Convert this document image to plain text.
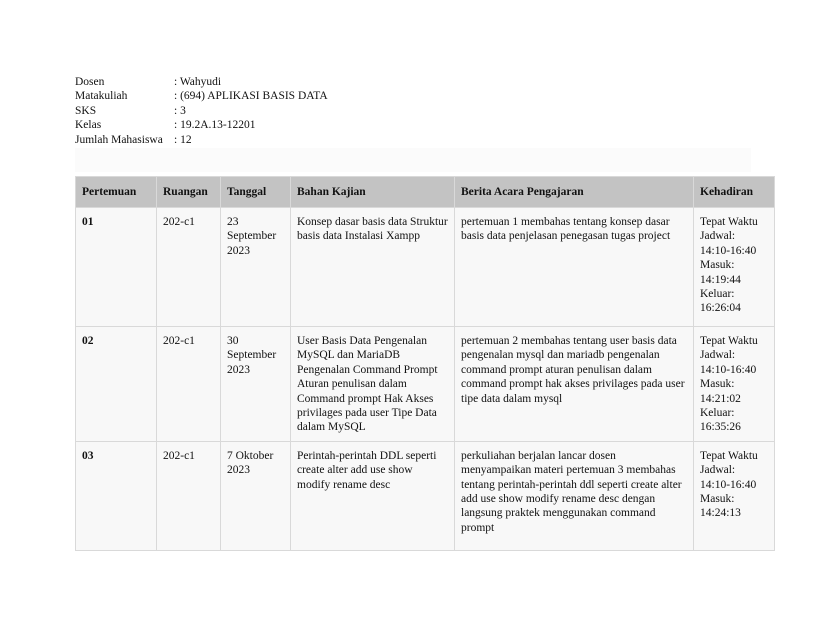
Dosen	: Wahyudi
Matakuliah	: (694) APLIKASI BASIS DATA
SKS	: 3
Kelas	: 19.2A.13-12201
Jumlah Mahasiswa : 12
Pertemuan	Ruangan	Tanggal	Bahan Kajian	Berita Acara Pengajaran	Kehadiran
01	202-c1	23 September 2023	Konsep dasar basis data Struktur basis data Instalasi Xampp	pertemuan 1 membahas tentang konsep dasar basis data penjelasan penegasan tugas project	Tepat Waktu Jadwal: 14:10-16:40 Masuk: 14:19:44 Keluar: 16:26:04
02	202-c1	30 September 2023	User Basis Data Pengenalan MySQL dan MariaDB Pengenalan Command Prompt Aturan penulisan dalam Command prompt Hak Akses privilages pada user Tipe Data dalam MySQL	pertemuan 2 membahas tentang user basis data pengenalan mysql dan mariadb pengenalan command prompt aturan penulisan dalam command prompt hak akses privilages pada user tipe data dalam mysql	Tepat Waktu Jadwal: 14:10-16:40 Masuk: 14:21:02 Keluar: 16:35:26
03	202-c1	7 Oktober 2023	Perintah-perintah DDL seperti create alter add use show modify rename desc	perkuliahan berjalan lancar dosen menyampaikan materi pertemuan 3 membahas tentang perintah-perintah ddl seperti create alter add use show modify rename desc dengan langsung praktek menggunakan command prompt	Tepat Waktu Jadwal: 14:10-16:40 Masuk: 14:24:13
